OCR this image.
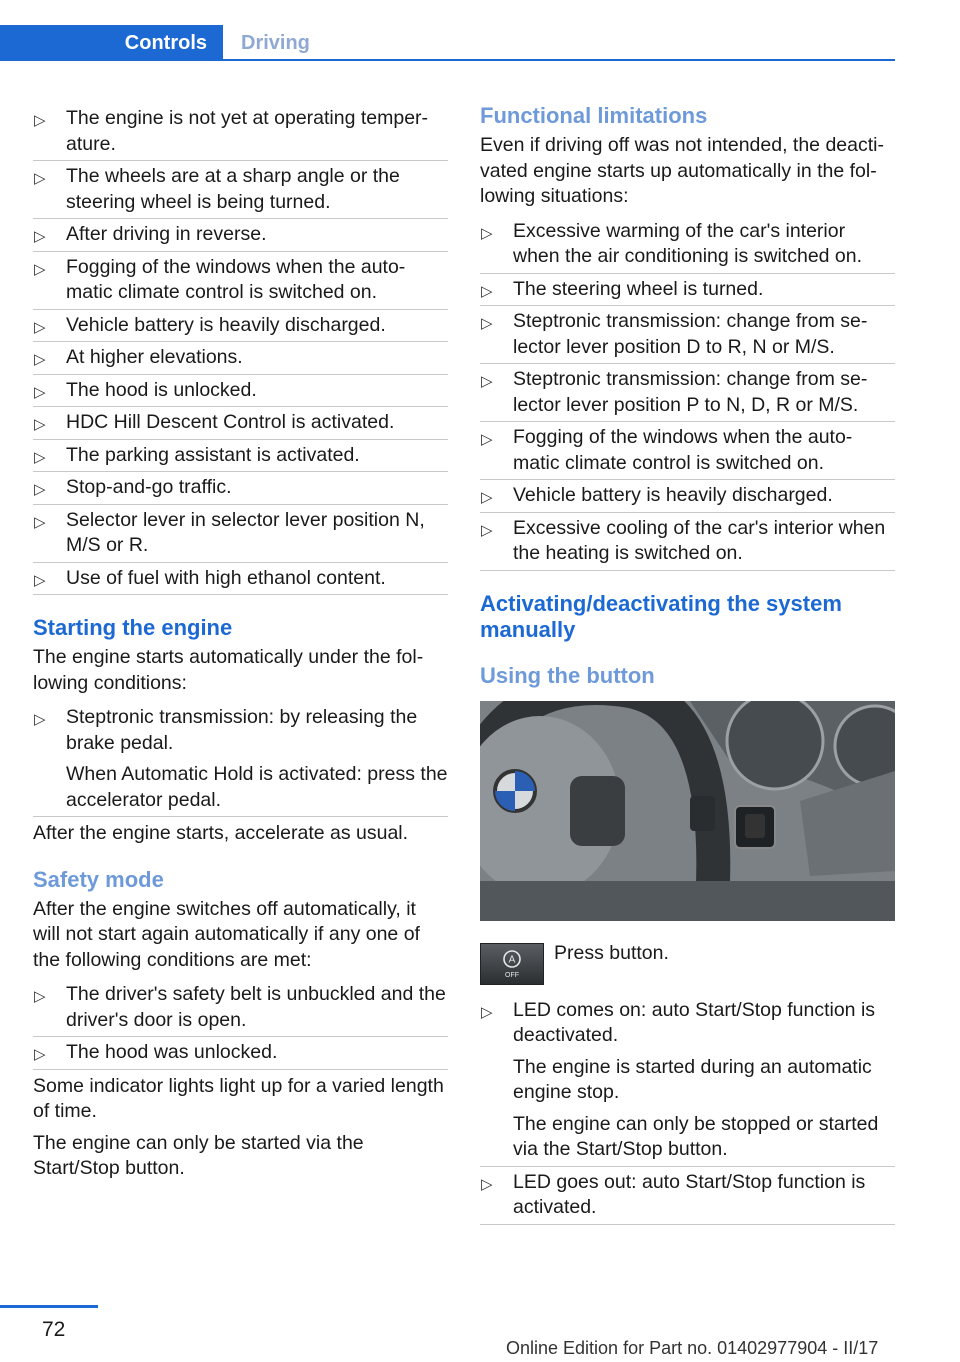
Controls Driving
▷ The engine is not yet at operating temper‐ature.
▷ The wheels are at a sharp angle or the steering wheel is being turned.
▷ After driving in reverse.
▷ Fogging of the windows when the auto‐matic climate control is switched on.
▷ Vehicle battery is heavily discharged.
▷ At higher elevations.
▷ The hood is unlocked.
▷ HDC Hill Descent Control is activated.
▷ The parking assistant is activated.
▷ Stop-and-go traffic.
▷ Selector lever in selector lever position N, M/S or R.
▷ Use of fuel with high ethanol content.
Starting the engine

The engine starts automatically under the fol‐lowing conditions:

▷ Steptronic transmission: by releasing the brake pedal.
When Automatic Hold is activated: press the accelerator pedal.

After the engine starts, accelerate as usual.

Safety mode

After the engine switches off automatically, it will not start again automatically if any one of the following conditions are met:

▷ The driver's safety belt is unbuckled and the driver's door is open.
▷ The hood was unlocked.

Some indicator lights light up for a varied length of time.

The engine can only be started via the Start/Stop button.

Functional limitations

Even if driving off was not intended, the deacti‐vated engine starts up automatically in the fol‐lowing situations:

▷ Excessive warming of the car's interior when the air conditioning is switched on.
▷ The steering wheel is turned.
▷ Steptronic transmission: change from se‐lector lever position D to R, N or M/S.
▷ Steptronic transmission: change from se‐lector lever position P to N, D, R or M/S.
▷ Fogging of the windows when the auto‐matic climate control is switched on.
▷ Vehicle battery is heavily discharged.
▷ Excessive cooling of the car's interior when the heating is switched on.
Activating/deactivating the system manually
Using the button
A
OFF
Press button.
▷ LED comes on: auto Start/Stop function is deactivated.
The engine is started during an automatic engine stop.
The engine can only be stopped or started via the Start/Stop button.
▷ LED goes out: auto Start/Stop function is activated.
72
Online Edition for Part no. 01402977904 - II/17
